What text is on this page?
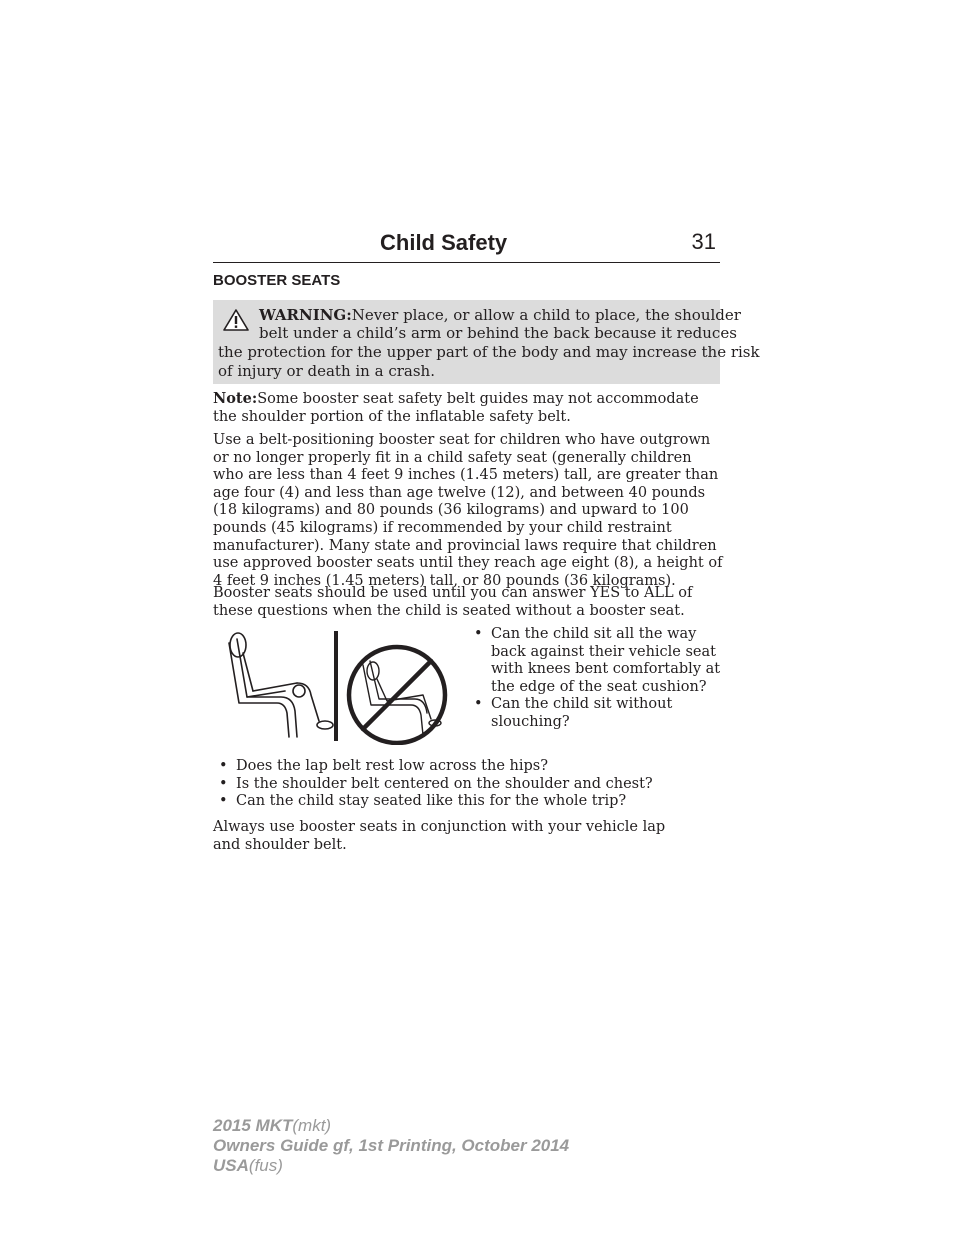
Child Safety	31
BOOSTER SEATS
WARNING:Never place, or allow a child to place, the shoulder
belt under a child’s arm or behind the back because it reduces
the protection for the upper part of the body and may increase the risk
of injury or death in a crash.
Note:Some booster seat safety belt guides may not accommodate the shoulder portion of the inflatable safety belt.
Use a belt-positioning booster seat for children who have outgrown or no longer properly fit in a child safety seat (generally children who are less than 4 feet 9 inches (1.45 meters) tall, are greater than age four (4) and less than age twelve (12), and between 40 pounds (18 kilograms) and 80 pounds (36 kilograms) and upward to 100 pounds (45 kilograms) if recommended by your child restraint manufacturer). Many state and provincial laws require that children use approved booster seats until they reach age eight (8), a height of 4 feet 9 inches (1.45 meters) tall, or 80 pounds (36 kilograms).
Booster seats should be used until you can answer YES to ALL of these questions when the child is seated without a booster seat.
• Can the child sit all the way back against their vehicle seat with knees bent comfortably at the edge of the seat cushion?
• Can the child sit without slouching?
• Does the lap belt rest low across the hips?
• Is the shoulder belt centered on the shoulder and chest?
• Can the child stay seated like this for the whole trip?
Always use booster seats in conjunction with your vehicle lap and shoulder belt.
2015 MKT(mkt)
Owners Guide gf, 1st Printing, October 2014
USA(fus)
